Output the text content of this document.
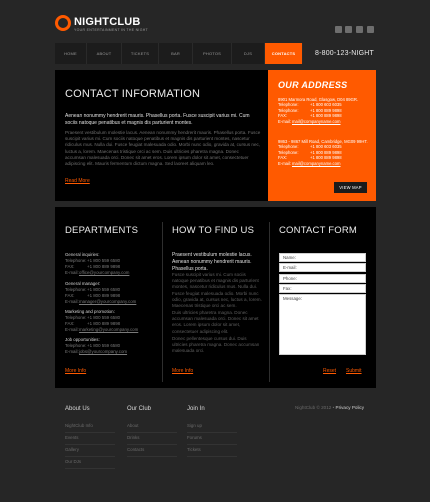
NIGHTCLUB
YOUR ENTERTAINMENT IN THE NIGHT
HOME	ABOUT	TICKETS	BAR	PHOTOS	DJS	CONTACTS	8-800-123-NIGHT
CONTACT INFORMATION
Aenean nonummy hendrerit mauris. Phasellus porta. Fusce suscipit varius mi. Cum sociis natoque penatibus et magnis dis parturient montes.
Praesent vestibulum molestie lacus. Aenean nonummy hendrerit mauris. Phasellus porta. Fusce suscipit varius mi. Cum sociis natoque penatibus et magnis dis parturient montes, nascetur ridiculus mus. Nulla dui. Fusce feugiat malesuada odio. Morbi nunc odio, gravida at, cursus nec, luctus a, lorem. Maecenas tristique orci ac sem. Duis ultricies pharetra magna. Donec accumsan malesuada orci. Donec sit amet eros. Lorem ipsum dolor sit amet, consectetuer adipiscing elit. Mauris fermentum dictum magna. Sed laoreet aliquam leo.
Read More
OUR ADDRESS
8901 Marmora Road, Glasgow, D04 89GR.
Telephone:	+1 800 603 6035
Telephone:	+1 800 889 9898
FAX:	+1 800 889 9898
E-mail: mail@companyname.com
9863 - 9867 Mill Road, Cambridge, MG09 99HT.
Telephone:	+1 800 603 6035
Telephone:	+1 800 889 9898
FAX:	+1 800 889 9898
E-mail: mail@companyname.com
VIEW MAP
DEPARTMENTS	HOW TO FIND US	CONTACT FORM
General inquiries:
Telephone: +1 800 559 6580
FAX:	+1 800 889 9898
E-mail: office@yourcompany.com
General manager:
Telephone: +1 800 559 6580
FAX:	+1 800 889 9898
E-mail: manager@yourcompany.com
Marketing and promotion:
Telephone: +1 800 559 6580
FAX:	+1 800 889 9898
E-mail: marketing@yourcompany.com
Job opportunities:
Telephone: +1 800 559 6580
E-mail: jobs@yourcompany.com
Praesent vestibulum molestie lacus. Aenean nonummy hendrerit mauris. Phasellus porta.
Fusce suscipit varius mi. Cum sociis natoque penatibus et magnis dis parturient montes, nascetur ridiculus mus. Nulla dui. Fusce feugiat malesuada odio. Morbi nunc odio, gravida at, cursus nec, luctus a, lorem. Maecenas tristique orci ac sem.
Duis ultricies pharetra magna. Donec accumsan malesuada orci. Donec sit amet eros. Lorem ipsum dolor sit amet, consectetuer adipiscing elit.
Donec pellentesque cursus dui. Duis ultricies pharetra magna. Donec accumsan malesuada orci.
Name:
E-mail:
Phone:
Fax:
Message:
More Info	More Info	Reset Submit
About Us	Our Club	Join In
NightClub Info
Events
Gallery
Our DJs
About
Drinks
Contacts
Sign up
Forums
Tickets
NightClub © 2012 • Privacy Policy
